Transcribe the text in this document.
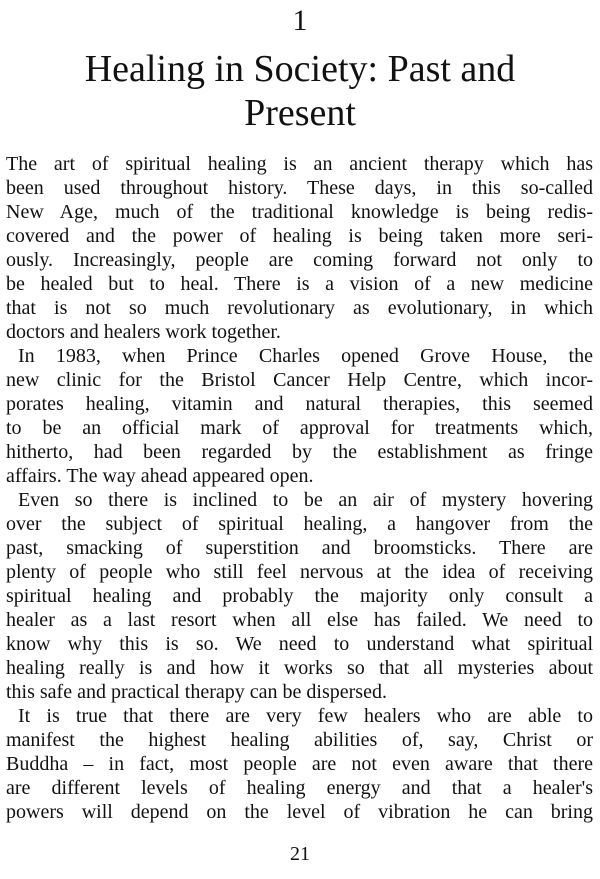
1
Healing in Society: Past and
Present
The art of spiritual healing is an ancient therapy which has
been used throughout history. These days, in this so-called
New Age, much of the traditional knowledge is being redis-
covered and the power of healing is being taken more seri-
ously. Increasingly, people are coming forward not only to
be healed but to heal. There is a vision of a new medicine
that is not so much revolutionary as evolutionary, in which
doctors and healers work together.
In 1983, when Prince Charles opened Grove House, the
new clinic for the Bristol Cancer Help Centre, which incor-
porates healing, vitamin and natural therapies, this seemed
to be an official mark of approval for treatments which,
hitherto, had been regarded by the establishment as fringe
affairs. The way ahead appeared open.
Even so there is inclined to be an air of mystery hovering
over the subject of spiritual healing, a hangover from the
past, smacking of superstition and broomsticks. There are
plenty of people who still feel nervous at the idea of receiving
spiritual healing and probably the majority only consult a
healer as a last resort when all else has failed. We need to
know why this is so. We need to understand what spiritual
healing really is and how it works so that all mysteries about
this safe and practical therapy can be dispersed.
It is true that there are very few healers who are able to
manifest the highest healing abilities of, say, Christ or
Buddha – in fact, most people are not even aware that there
are different levels of healing energy and that a healer's
powers will depend on the level of vibration he can bring
21
